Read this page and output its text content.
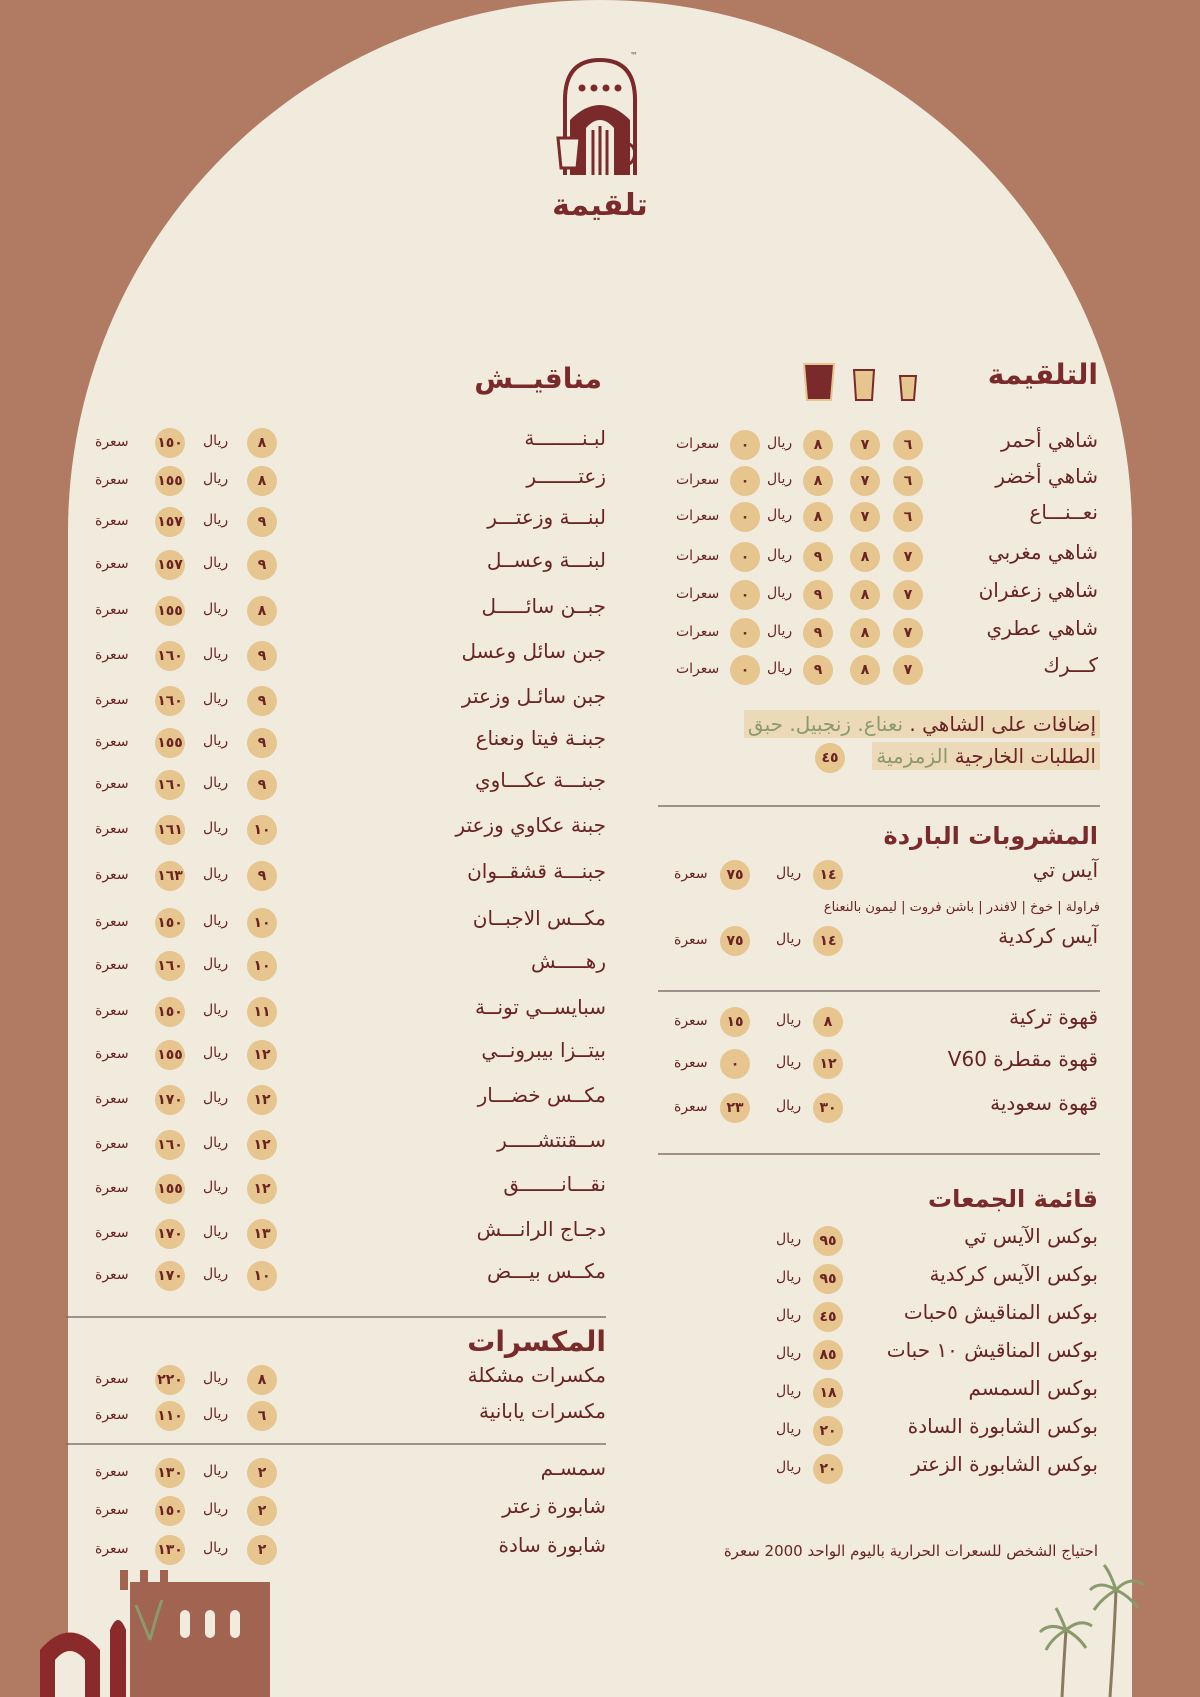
™
تلقيمة
التلقيمة
شاهي أحمر
٦
٧
٨
ريال
٠
سعرات
شاهي أخضر
٦
٧
٨
ريال
٠
سعرات
نعــنـــاع
٦
٧
٨
ريال
٠
سعرات
شاهي مغربي
٧
٨
٩
ريال
٠
سعرات
شاهي زعفران
٧
٨
٩
ريال
٠
سعرات
شاهي عطري
٧
٨
٩
ريال
٠
سعرات
كـــرك
٧
٨
٩
ريال
٠
سعرات
إضافات على الشاهي . نعناع. زنجبيل. حبق
الطلبات الخارجية الزمزمية
٤٥
المشروبات الباردة
آيس تي
١٤
ريال
٧٥
سعرة
آيس كركدية
١٤
ريال
٧٥
سعرة
فراولة | خوخ | لافندر | باشن فروت | ليمون بالنعناع
قهوة تركية
٨
ريال
١٥
سعرة
قهوة مقطرة V60
١٢
ريال
٠
سعرة
قهوة سعودية
٣٠
ريال
٢٣
سعرة
قائمة الجمعات
بوكس الآيس تي
٩٥
ريال
بوكس الآيس كركدية
٩٥
ريال
بوكس المناقيش ٥حبات
٤٥
ريال
بوكس المناقيش ١٠ حبات
٨٥
ريال
بوكس السمسم
١٨
ريال
بوكس الشابورة السادة
٢٠
ريال
بوكس الشابورة الزعتر
٢٠
ريال
احتياج الشخص للسعرات الحرارية باليوم الواحد 2000 سعرة
مناقيــش
لبـنــــــــة
٨
ريال
١٥٠
سعرة
زعتـــــــر
٨
ريال
١٥٥
سعرة
لبنـــة وزعتـــر
٩
ريال
١٥٧
سعرة
لبنـــة وعســل
٩
ريال
١٥٧
سعرة
جبــن سائـــــل
٨
ريال
١٥٥
سعرة
جبن سائل وعسل
٩
ريال
١٦٠
سعرة
جبن سائـل وزعتر
٩
ريال
١٦٠
سعرة
جبنـة فيتا ونعناع
٩
ريال
١٥٥
سعرة
جبنـــة عكـــاوي
٩
ريال
١٦٠
سعرة
جبنة عكاوي وزعتر
١٠
ريال
١٦١
سعرة
جبنـــة قشقــوان
٩
ريال
١٦٣
سعرة
مكــس الاجبــان
١٠
ريال
١٥٠
سعرة
رهـــــش
١٠
ريال
١٦٠
سعرة
سبايســي تونــة
١١
ريال
١٥٠
سعرة
بيتــزا بيبرونــي
١٢
ريال
١٥٥
سعرة
مكــس خضـــار
١٢
ريال
١٧٠
سعرة
ســقنتشـــــر
١٢
ريال
١٦٠
سعرة
نقـــانـــــــق
١٢
ريال
١٥٥
سعرة
دجـاج الرانـــش
١٣
ريال
١٧٠
سعرة
مكــس بيـــض
١٠
ريال
١٧٠
سعرة
المكسرات
مكسرات مشكلة
٨
ريال
٢٢٠
سعرة
مكسرات يابانية
٦
ريال
١١٠
سعرة
سمسـم
٢
ريال
١٣٠
سعرة
شابورة زعتر
٢
ريال
١٥٠
سعرة
شابورة سادة
٢
ريال
١٣٠
سعرة
